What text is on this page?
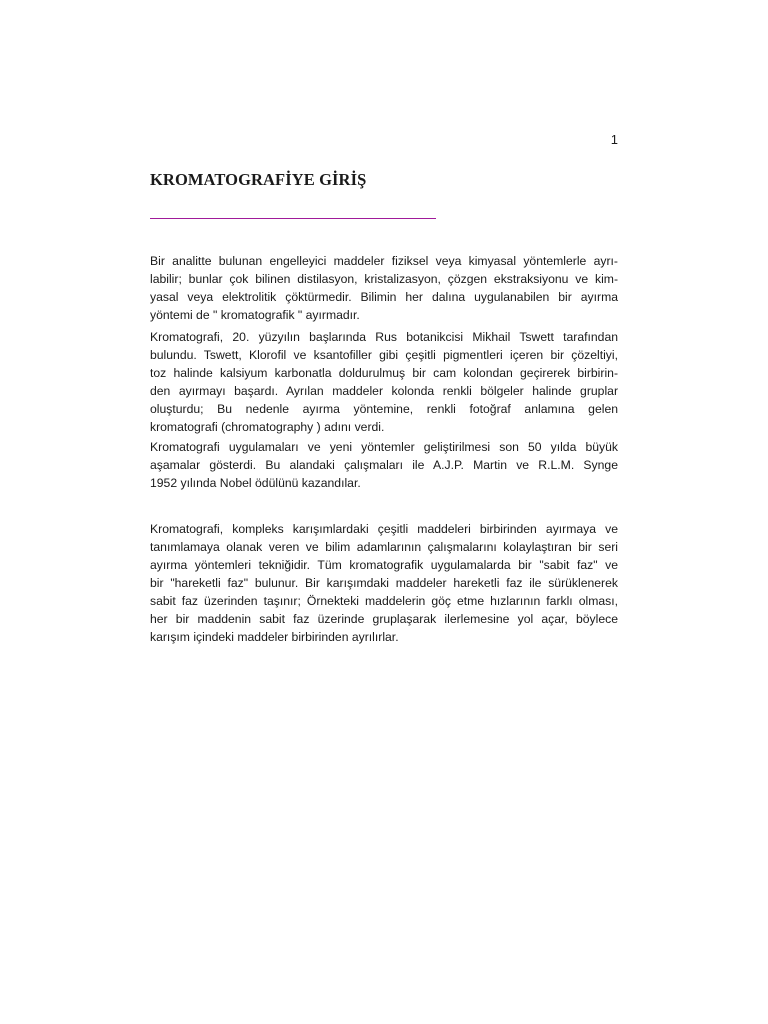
1
KROMATOGRAFİYE GİRİŞ
Bir analitte bulunan engelleyici maddeler fiziksel veya kimyasal yöntemlerle ayrı-
labilir; bunlar çok bilinen distilasyon, kristalizasyon, çözgen ekstraksiyonu ve kim-
yasal veya elektrolitik çöktürmedir. Bilimin her dalına uygulanabilen bir ayırma
yöntemi de " kromatografik " ayırmadır.
Kromatografi, 20. yüzyılın başlarında Rus botanikcisi Mikhail Tswett tarafından
bulundu. Tswett, Klorofil ve ksantofiller gibi çeşitli pigmentleri içeren bir çözeltiyi,
toz halinde kalsiyum karbonatla doldurulmuş bir cam kolondan geçirerek birbirin-
den ayırmayı başardı. Ayrılan maddeler kolonda renkli bölgeler halinde gruplar
oluşturdu; Bu nedenle ayırma yöntemine, renkli fotoğraf anlamına gelen
kromatografi (chromatography ) adını verdi.
Kromatografi uygulamaları ve yeni yöntemler geliştirilmesi son 50 yılda büyük
aşamalar gösterdi. Bu alandaki çalışmaları ile A.J.P. Martin ve R.L.M. Synge
1952 yılında Nobel ödülünü kazandılar.
Kromatografi, kompleks karışımlardaki çeşitli maddeleri birbirinden ayırmaya ve
tanımlamaya olanak veren ve bilim adamlarının çalışmalarını kolaylaştıran bir seri
ayırma yöntemleri tekniğidir. Tüm kromatografik uygulamalarda bir "sabit faz" ve
bir "hareketli faz" bulunur. Bir karışımdaki maddeler hareketli faz ile sürüklenerek
sabit faz üzerinden taşınır; Örnekteki maddelerin göç etme hızlarının farklı olması,
her bir maddenin sabit faz üzerinde gruplaşarak ilerlemesine yol açar, böylece
karışım içindeki maddeler birbirinden ayrılırlar.
